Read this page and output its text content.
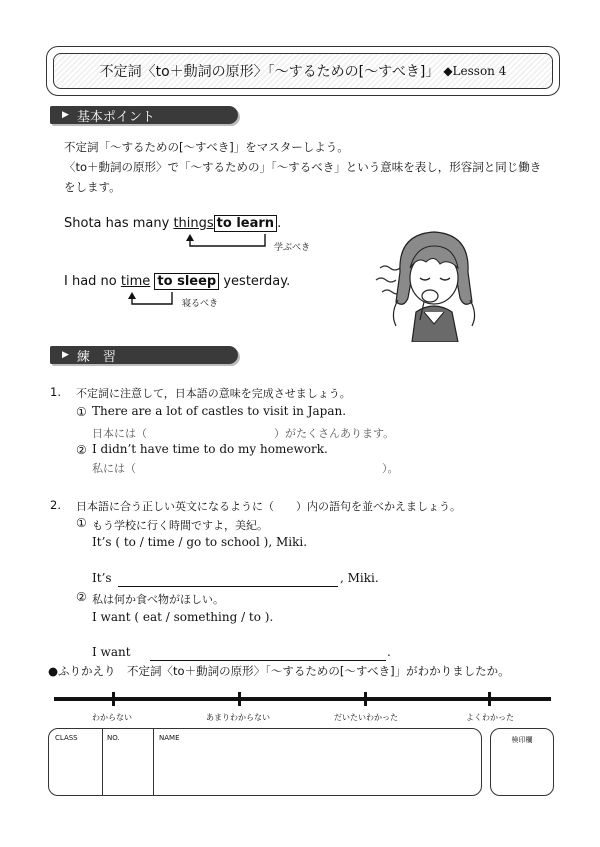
不定詞〈to＋動詞の原形〉「～するための[～すべき]」 ◆Lesson 4
▶ 基本ポイント
不定詞「～するための[～すべき]」をマスターしよう。
〈to＋動詞の原形〉で「～するための」「～するべき」という意味を表し，形容詞と同じ働き
をします。
Shota has many things to learn .
学ぶべき
I had no time to sleep yesterday.
寝るべき
▶ 練　習
1. 不定詞に注意して，日本語の意味を完成させましょう。
① There are a lot of castles to visit in Japan.
日本には（	）がたくさんあります。
② I didn’t have time to do my homework.
私には（	）。
2. 日本語に合う正しい英文になるように（　　）内の語句を並べかえましょう。
① もう学校に行く時間ですよ，美紀。
It’s ( to / time / go to school ), Miki.
It’s	, Miki.
② 私は何か食べ物がほしい。
I want ( eat / something / to ).
I want	.
●ふりかえり　不定詞〈to＋動詞の原形〉「～するための[～すべき]」がわかりましたか。
わからない	あまりわからない	だいたいわかった	よくわかった
CLASS	NO.	NAME	検印欄
